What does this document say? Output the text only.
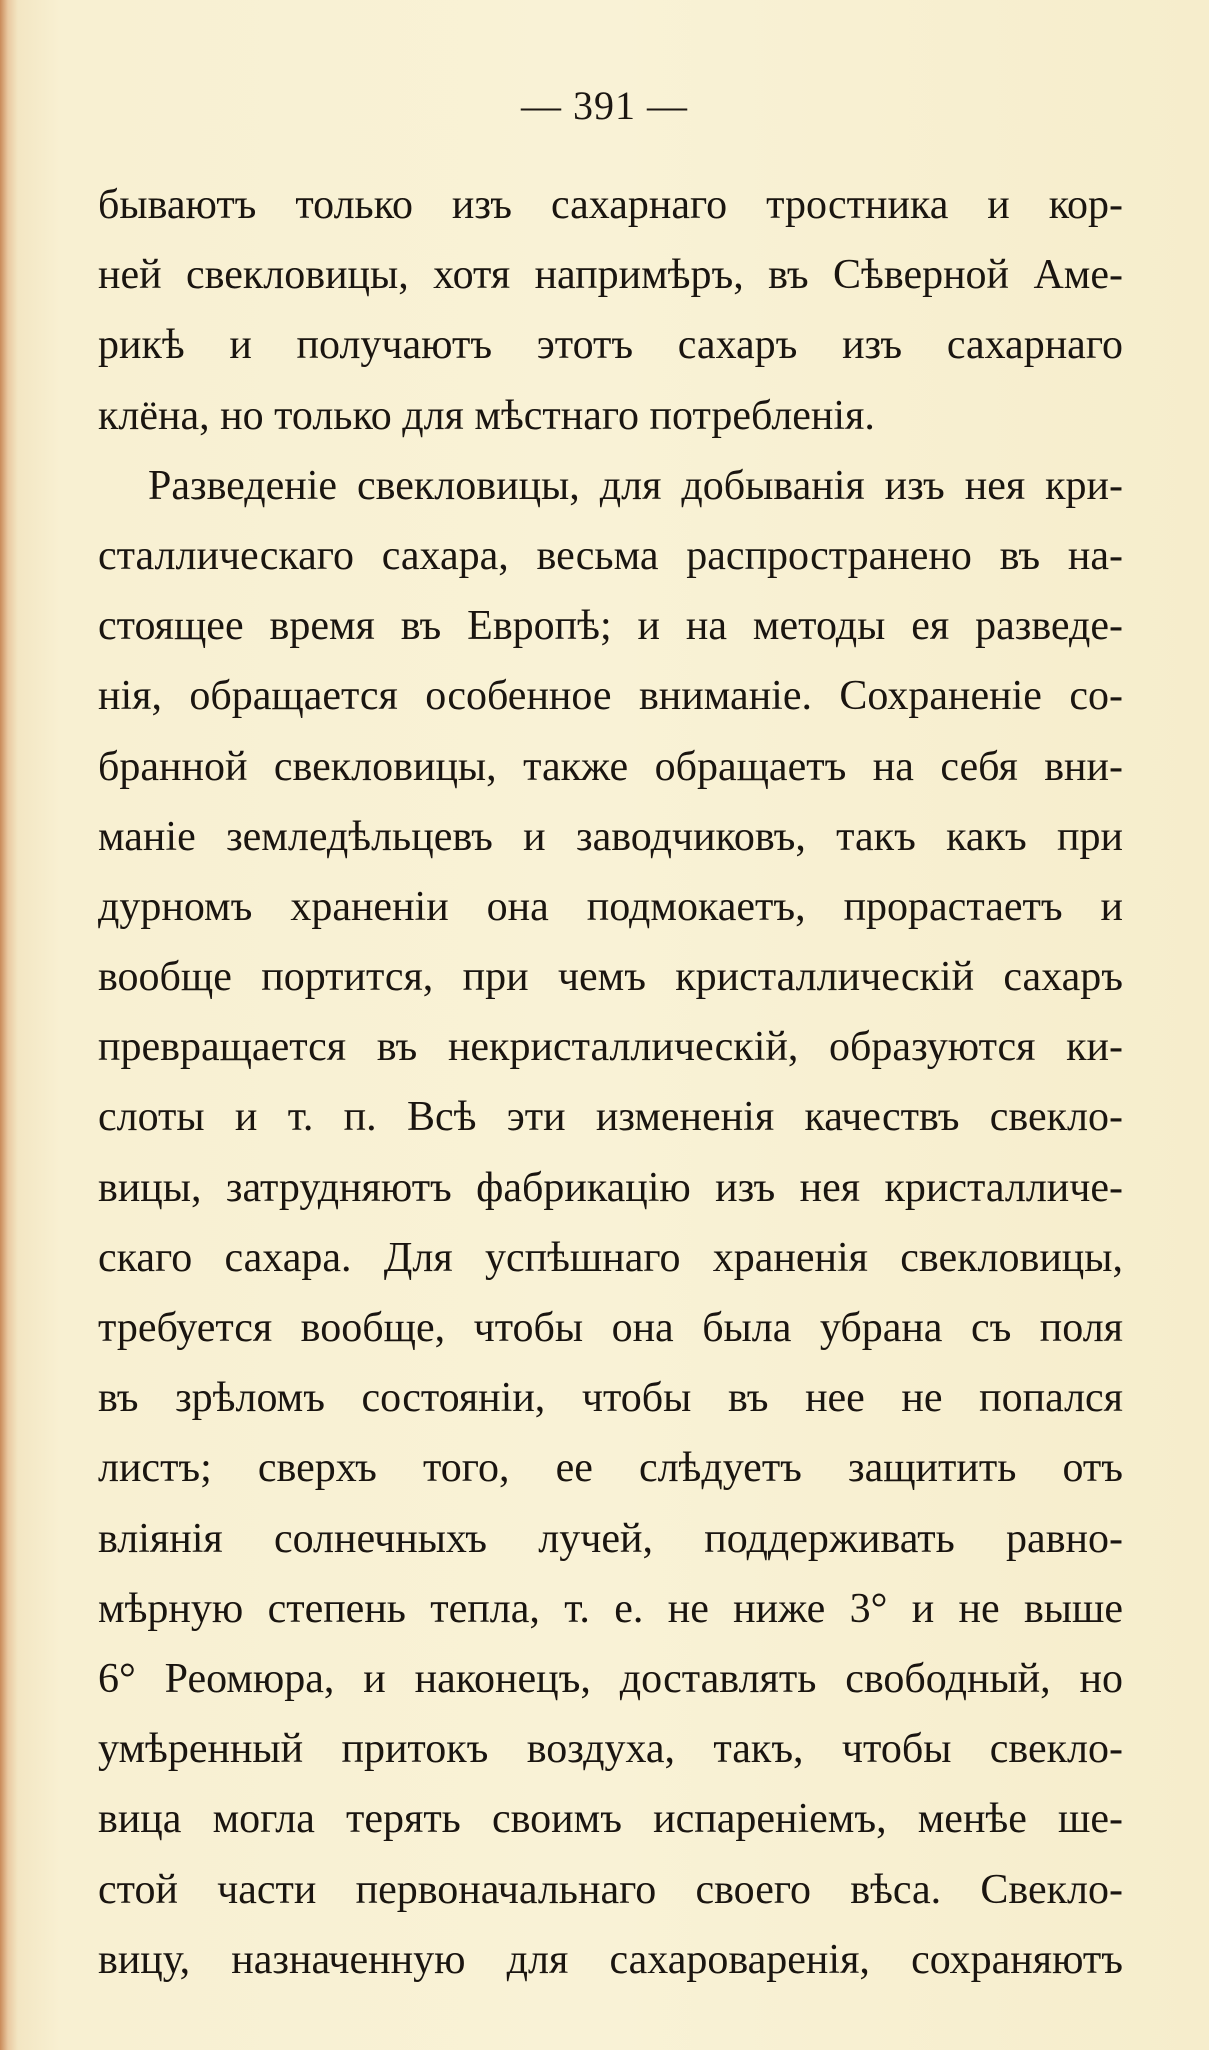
— 391 —
бываютъ только изъ сахарнаго тростника и кор-
ней свекловицы, хотя напримѣръ, въ Сѣверной Аме-
рикѣ и получаютъ этотъ сахаръ изъ сахарнаго
клёна, но только для мѣстнаго потребленія.
Разведеніе свекловицы, для добыванія изъ нея кри-
сталлическаго сахара, весьма распространено въ на-
стоящее время въ Европѣ; и на методы ея разведе-
нія, обращается особенное вниманіе. Сохраненіе со-
бранной свекловицы, также обращаетъ на себя вни-
маніе земледѣльцевъ и заводчиковъ, такъ какъ при
дурномъ храненіи она подмокаетъ, прорастаетъ и
вообще портится, при чемъ кристаллическій сахаръ
превращается въ некристаллическій, образуются ки-
слоты и т. п. Всѣ эти измененія качествъ свекло-
вицы, затрудняютъ фабрикацію изъ нея кристалличе-
скаго сахара. Для успѣшнаго храненія свекловицы,
требуется вообще, чтобы она была убрана съ поля
въ зрѣломъ состояніи, чтобы въ нее не попался
листъ; сверхъ того, ее слѣдуетъ защитить отъ
вліянія солнечныхъ лучей, поддерживать равно-
мѣрную степень тепла, т. е. не ниже 3° и не выше
6° Реомюра, и наконецъ, доставлять свободный, но
умѣренный притокъ воздуха, такъ, чтобы свекло-
вица могла терять своимъ испареніемъ, менѣе ше-
стой части первоначальнаго своего вѣса. Свекло-
вицу, назначенную для сахароваренія, сохраняютъ
